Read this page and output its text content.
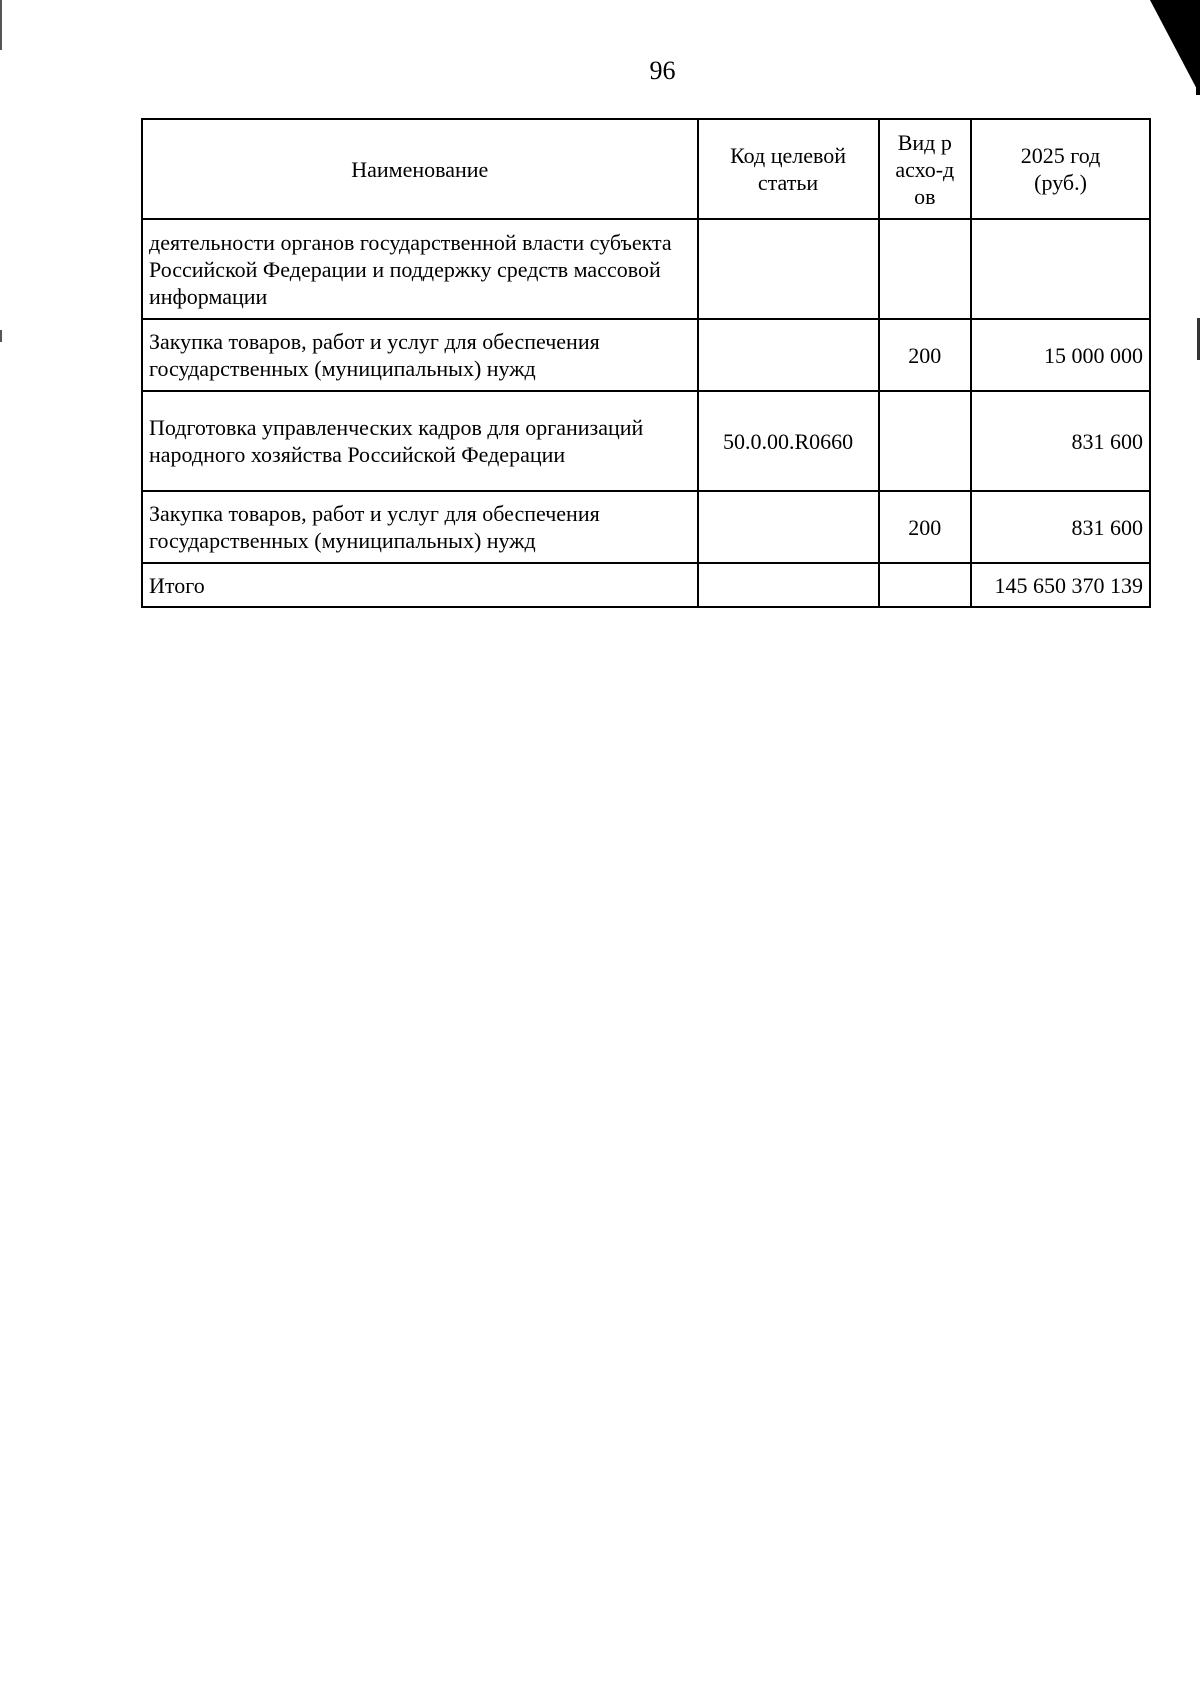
96
Наименование	Код целевой статьи	Вид расхо-дов	2025 год (руб.)
деятельности органов государственной власти субъекта Российской Федерации и поддержку средств массовой информации			
Закупка товаров, работ и услуг для обеспечения государственных (муниципальных) нужд		200	15 000 000
Подготовка управленческих кадров для организаций народного хозяйства Российской Федерации	50.0.00.R0660		831 600
Закупка товаров, работ и услуг для обеспечения государственных (муниципальных) нужд		200	831 600
Итого			145 650 370 139
